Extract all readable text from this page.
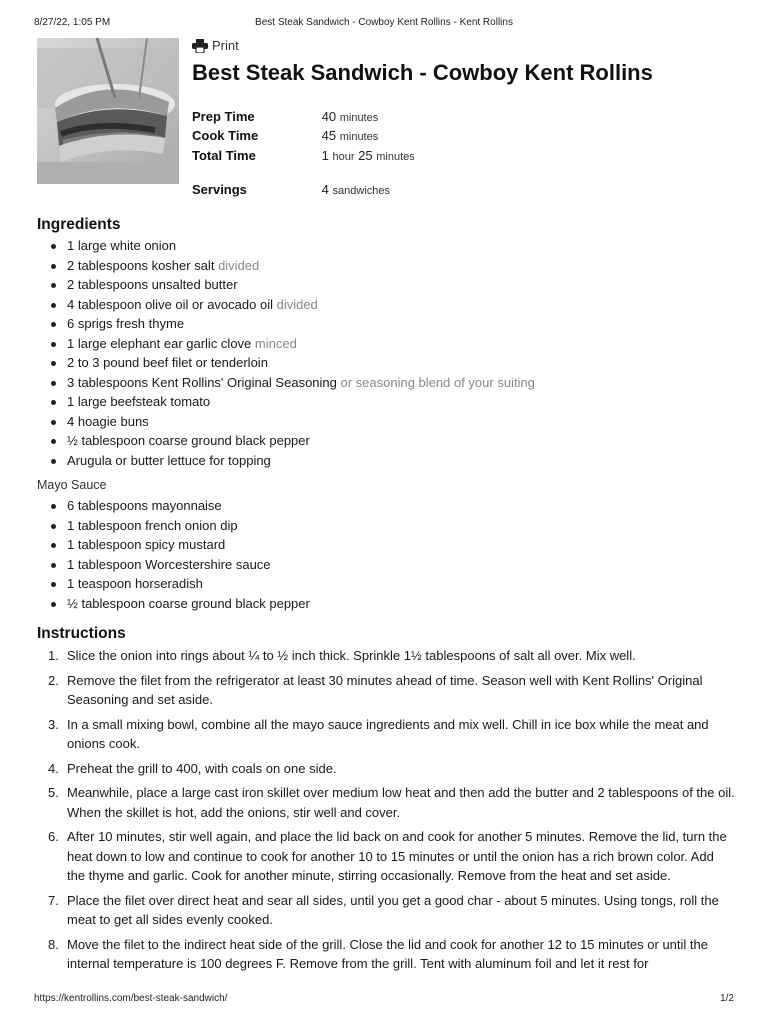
8/27/22, 1:05 PM	Best Steak Sandwich - Cowboy Kent Rollins - Kent Rollins
Print
Best Steak Sandwich - Cowboy Kent Rollins
Prep Time	40 minutes
Cook Time	45 minutes
Total Time	1 hour 25 minutes
Servings	4 sandwiches
Ingredients
1 large white onion
2 tablespoons kosher salt divided
2 tablespoons unsalted butter
4 tablespoon olive oil or avocado oil divided
6 sprigs fresh thyme
1 large elephant ear garlic clove minced
2 to 3 pound beef filet or tenderloin
3 tablespoons Kent Rollins' Original Seasoning or seasoning blend of your suiting
1 large beefsteak tomato
4 hoagie buns
½ tablespoon coarse ground black pepper
Arugula or butter lettuce for topping
Mayo Sauce
6 tablespoons mayonnaise
1 tablespoon french onion dip
1 tablespoon spicy mustard
1 tablespoon Worcestershire sauce
1 teaspoon horseradish
½ tablespoon coarse ground black pepper
Instructions
1. Slice the onion into rings about ¼ to ½ inch thick. Sprinkle 1½ tablespoons of salt all over. Mix well.
2. Remove the filet from the refrigerator at least 30 minutes ahead of time. Season well with Kent Rollins' Original Seasoning and set aside.
3. In a small mixing bowl, combine all the mayo sauce ingredients and mix well. Chill in ice box while the meat and onions cook.
4. Preheat the grill to 400, with coals on one side.
5. Meanwhile, place a large cast iron skillet over medium low heat and then add the butter and 2 tablespoons of the oil. When the skillet is hot, add the onions, stir well and cover.
6. After 10 minutes, stir well again, and place the lid back on and cook for another 5 minutes. Remove the lid, turn the heat down to low and continue to cook for another 10 to 15 minutes or until the onion has a rich brown color. Add the thyme and garlic. Cook for another minute, stirring occasionally. Remove from the heat and set aside.
7. Place the filet over direct heat and sear all sides, until you get a good char - about 5 minutes. Using tongs, roll the meat to get all sides evenly cooked.
8. Move the filet to the indirect heat side of the grill. Close the lid and cook for another 12 to 15 minutes or until the internal temperature is 100 degrees F. Remove from the grill. Tent with aluminum foil and let it rest for
https://kentrollins.com/best-steak-sandwich/	1/2
